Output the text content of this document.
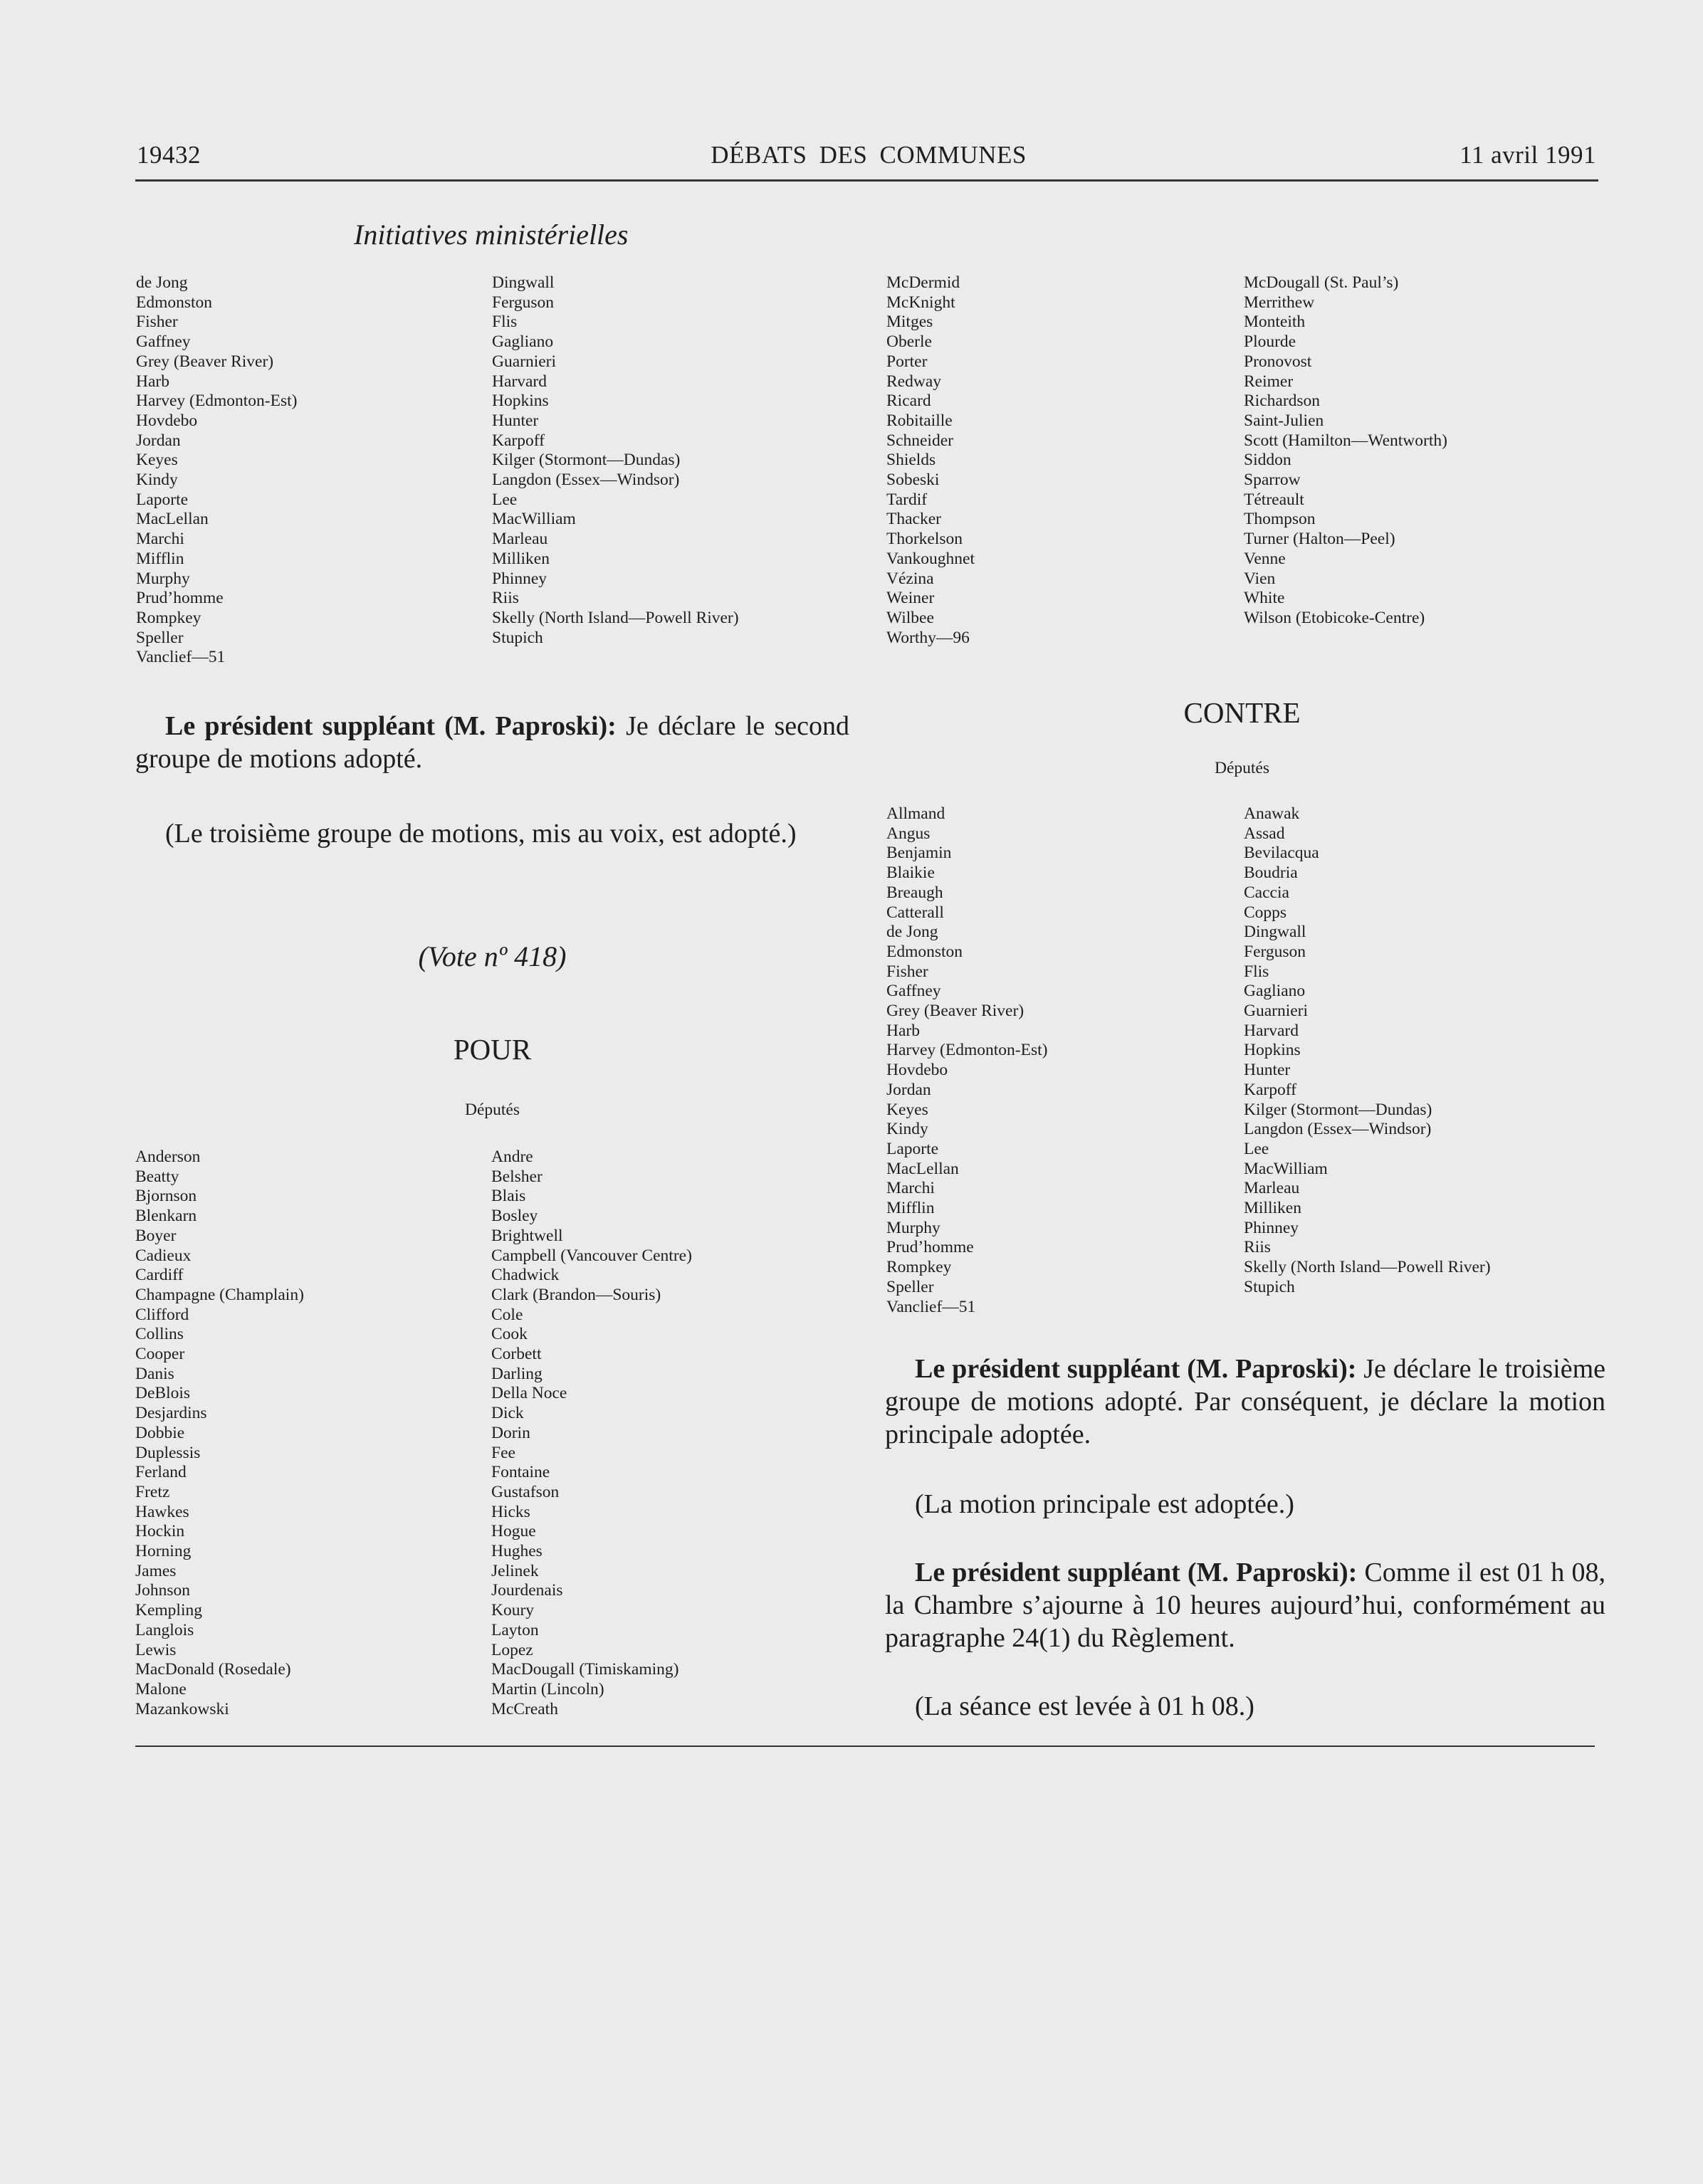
19432	DÉBATS DES COMMUNES	11 avril 1991
Initiatives ministérielles
de Jong
Edmonston
Fisher
Gaffney
Grey (Beaver River)
Harb
Harvey (Edmonton-Est)
Hovdebo
Jordan
Keyes
Kindy
Laporte
MacLellan
Marchi
Mifflin
Murphy
Prud’homme
Rompkey
Speller
Vanclief—51
Dingwall
Ferguson
Flis
Gagliano
Guarnieri
Harvard
Hopkins
Hunter
Karpoff
Kilger (Stormont—Dundas)
Langdon (Essex—Windsor)
Lee
MacWilliam
Marleau
Milliken
Phinney
Riis
Skelly (North Island—Powell River)
Stupich
McDermid
McKnight
Mitges
Oberle
Porter
Redway
Ricard
Robitaille
Schneider
Shields
Sobeski
Tardif
Thacker
Thorkelson
Vankoughnet
Vézina
Weiner
Wilbee
Worthy—96
McDougall (St. Paul’s)
Merrithew
Monteith
Plourde
Pronovost
Reimer
Richardson
Saint-Julien
Scott (Hamilton—Wentworth)
Siddon
Sparrow
Tétreault
Thompson
Turner (Halton—Peel)
Venne
Vien
White
Wilson (Etobicoke-Centre)
Le président suppléant (M. Paproski): Je déclare le second groupe de motions adopté.
(Le troisième groupe de motions, mis au voix, est adopté.)
(Vote nº 418)
POUR
Députés
Anderson
Beatty
Bjornson
Blenkarn
Boyer
Cadieux
Cardiff
Champagne (Champlain)
Clifford
Collins
Cooper
Danis
DeBlois
Desjardins
Dobbie
Duplessis
Ferland
Fretz
Hawkes
Hockin
Horning
James
Johnson
Kempling
Langlois
Lewis
MacDonald (Rosedale)
Malone
Mazankowski
Andre
Belsher
Blais
Bosley
Brightwell
Campbell (Vancouver Centre)
Chadwick
Clark (Brandon—Souris)
Cole
Cook
Corbett
Darling
Della Noce
Dick
Dorin
Fee
Fontaine
Gustafson
Hicks
Hogue
Hughes
Jelinek
Jourdenais
Koury
Layton
Lopez
MacDougall (Timiskaming)
Martin (Lincoln)
McCreath
CONTRE
Députés
Allmand
Angus
Benjamin
Blaikie
Breaugh
Catterall
de Jong
Edmonston
Fisher
Gaffney
Grey (Beaver River)
Harb
Harvey (Edmonton-Est)
Hovdebo
Jordan
Keyes
Kindy
Laporte
MacLellan
Marchi
Mifflin
Murphy
Prud’homme
Rompkey
Speller
Vanclief—51
Anawak
Assad
Bevilacqua
Boudria
Caccia
Copps
Dingwall
Ferguson
Flis
Gagliano
Guarnieri
Harvard
Hopkins
Hunter
Karpoff
Kilger (Stormont—Dundas)
Langdon (Essex—Windsor)
Lee
MacWilliam
Marleau
Milliken
Phinney
Riis
Skelly (North Island—Powell River)
Stupich
Le président suppléant (M. Paproski): Je déclare le troisième groupe de motions adopté. Par conséquent, je déclare la motion principale adoptée.
(La motion principale est adoptée.)
Le président suppléant (M. Paproski): Comme il est 01 h 08, la Chambre s’ajourne à 10 heures aujourd’hui, conformément au paragraphe 24(1) du Règlement.
(La séance est levée à 01 h 08.)
